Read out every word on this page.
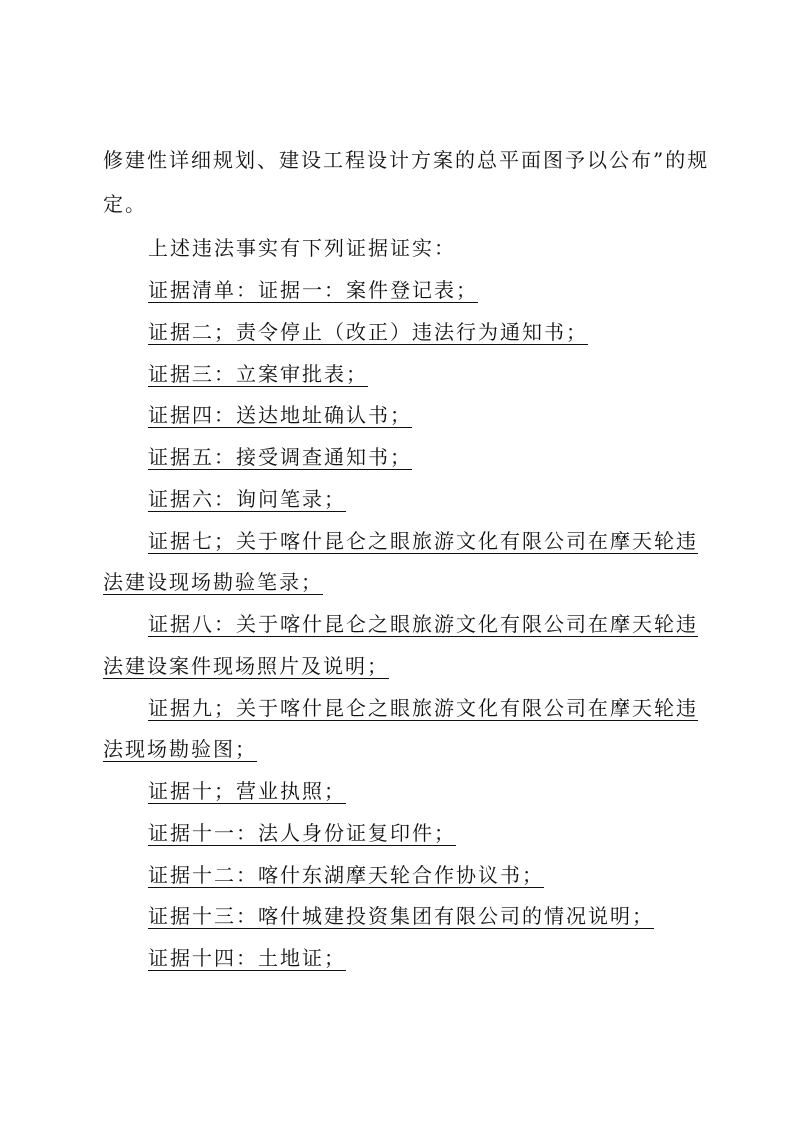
修建性详细规划、建设工程设计方案的总平面图予以公布”的规
定。
上述违法事实有下列证据证实：
证据清单：证据一：案件登记表；
证据二；责令停止（改正）违法行为通知书；
证据三：立案审批表；
证据四：送达地址确认书；
证据五：接受调查通知书；
证据六：询问笔录；
证据七；关于喀什昆仑之眼旅游文化有限公司在摩天轮违
法建设现场勘验笔录；
证据八：关于喀什昆仑之眼旅游文化有限公司在摩天轮违
法建设案件现场照片及说明；
证据九；关于喀什昆仑之眼旅游文化有限公司在摩天轮违
法现场勘验图；
证据十；营业执照；
证据十一：法人身份证复印件；
证据十二：喀什东湖摩天轮合作协议书；
证据十三：喀什城建投资集团有限公司的情况说明；
证据十四：土地证；
